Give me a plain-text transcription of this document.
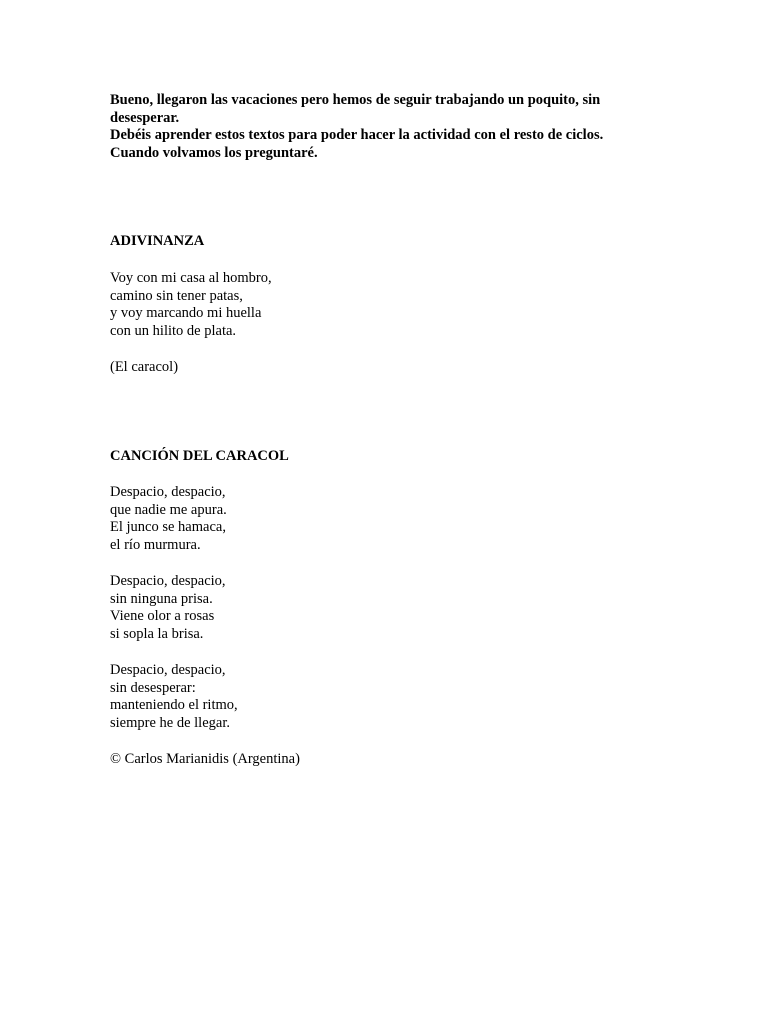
Bueno, llegaron las vacaciones pero hemos de seguir trabajando un poquito, sin desesperar.

Debéis aprender estos textos para poder hacer la actividad con el resto de ciclos.

Cuando volvamos los preguntaré.

ADIVINANZA
Voy con mi casa al hombro,
camino sin tener patas,
y voy marcando mi huella
con un hilito de plata.

(El caracol)

CANCIÓN DEL CARACOL
Despacio, despacio,
que nadie me apura.
El junco se hamaca,
el río murmura.
Despacio, despacio,
sin ninguna prisa.
Viene olor a rosas
si sopla la brisa.
Despacio, despacio,
sin desesperar:
manteniendo el ritmo,
siempre he de llegar.

© Carlos Marianidis (Argentina)
